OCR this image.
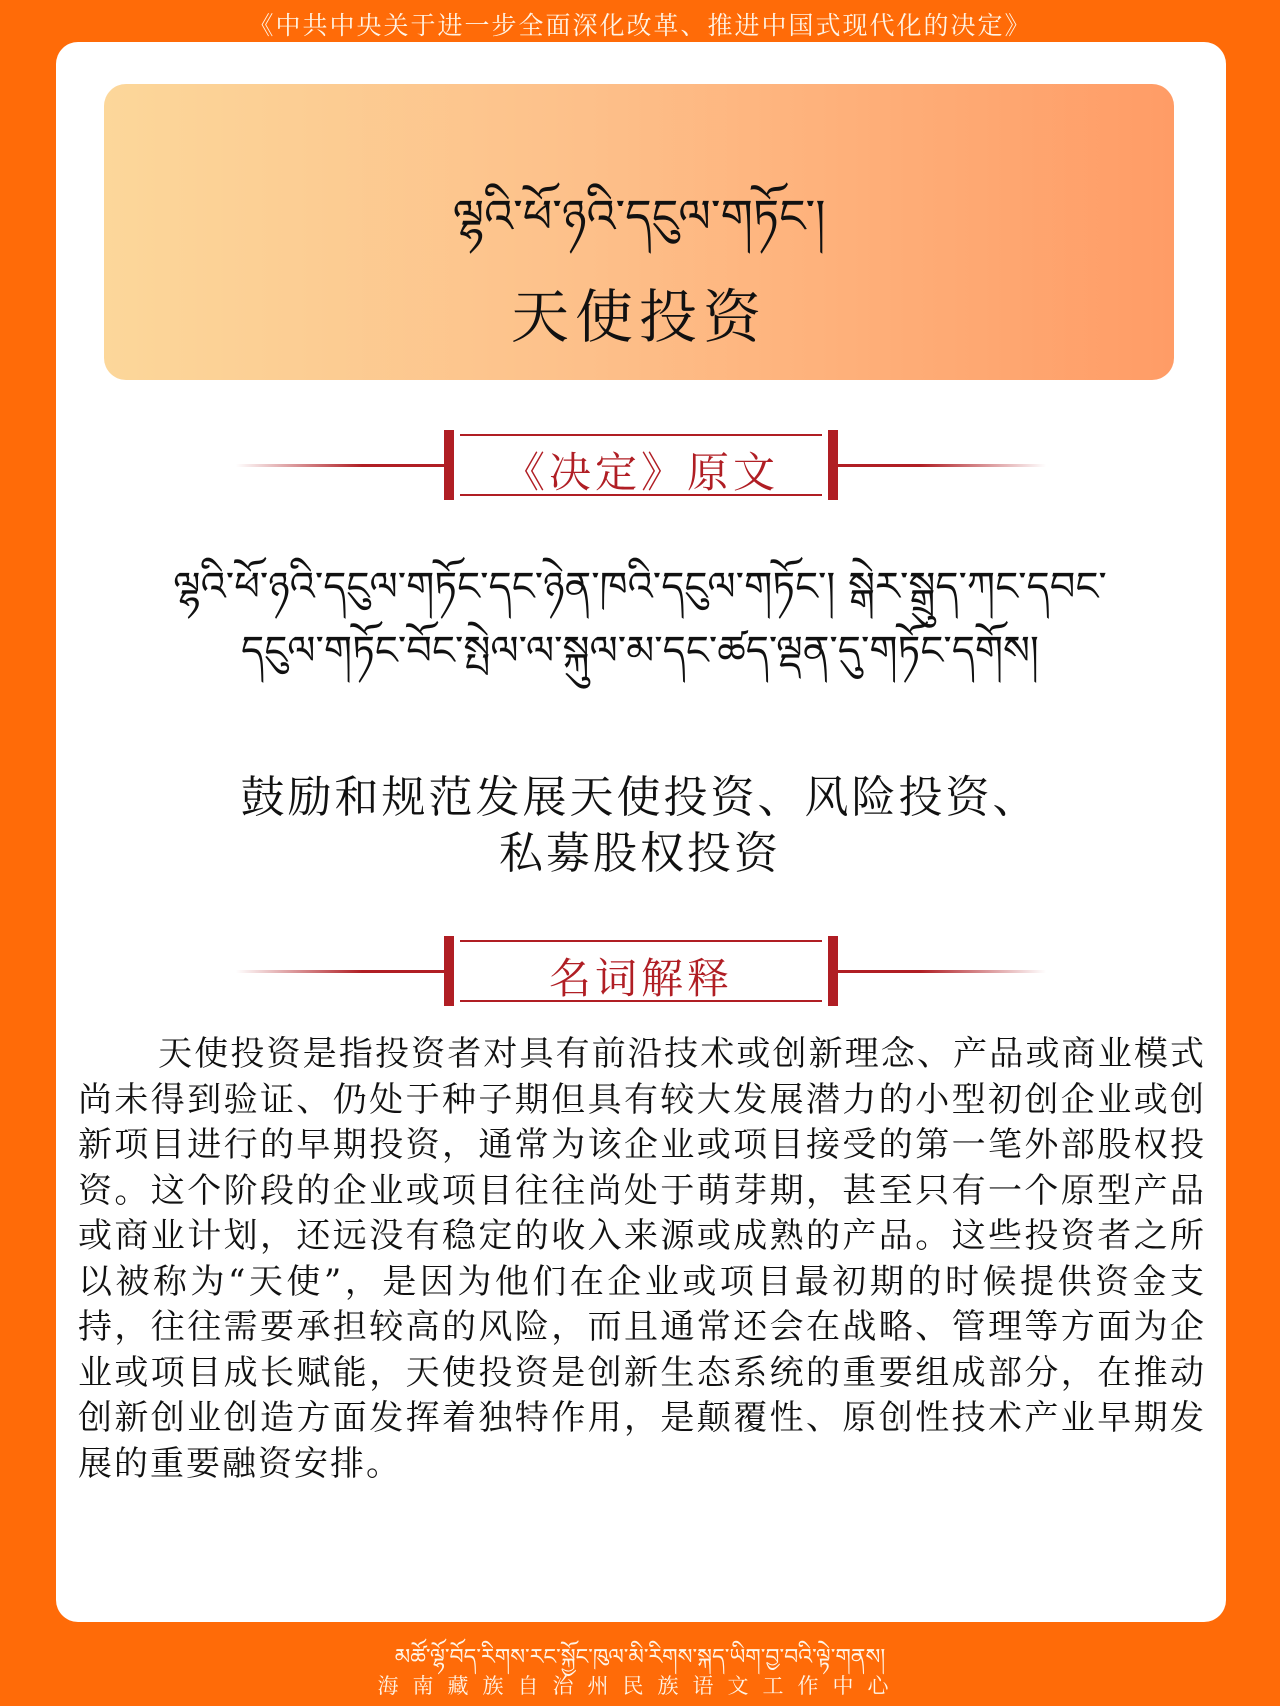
《中共中央关于进一步全面深化改革、推进中国式现代化的决定》
ལྷའི་ཕོ་ཉའི་དངུལ་གཏོང་།
天使投资
《决定》原文
ལྷའི་ཕོ་ཉའི་དངུལ་གཏོང་དང་ཉེན་ཁའི་དངུལ་གཏོང་། སྒེར་སྒྲུད་ཀང་དབང་
དངུལ་གཏོང་བོང་སྤེལ་ལ་སྐུལ་མ་དང་ཚད་ལྡན་དུ་གཏོང་དགོས།
鼓励和规范发展天使投资、风险投资、
私募股权投资
名词解释
天使投资是指投资者对具有前沿技术或创新理念、产品或商业模式尚未得到验证、仍处于种子期但具有较大发展潜力的小型初创企业或创新项目进行的早期投资，通常为该企业或项目接受的第一笔外部股权投资。这个阶段的企业或项目往往尚处于萌芽期，甚至只有一个原型产品或商业计划，还远没有稳定的收入来源或成熟的产品。这些投资者之所以被称为“天使”，是因为他们在企业或项目最初期的时候提供资金支持，往往需要承担较高的风险，而且通常还会在战略、管理等方面为企业或项目成长赋能，天使投资是创新生态系统的重要组成部分，在推动创新创业创造方面发挥着独特作用，是颠覆性、原创性技术产业早期发展的重要融资安排。
མཚོ་ལྷོ་བོད་རིགས་རང་སྐྱོང་ཁུལ་མི་རིགས་སྐད་ཡིག་བྱ་བའི་ལྟེ་གནས།
海南藏族自治州民族语文工作中心
